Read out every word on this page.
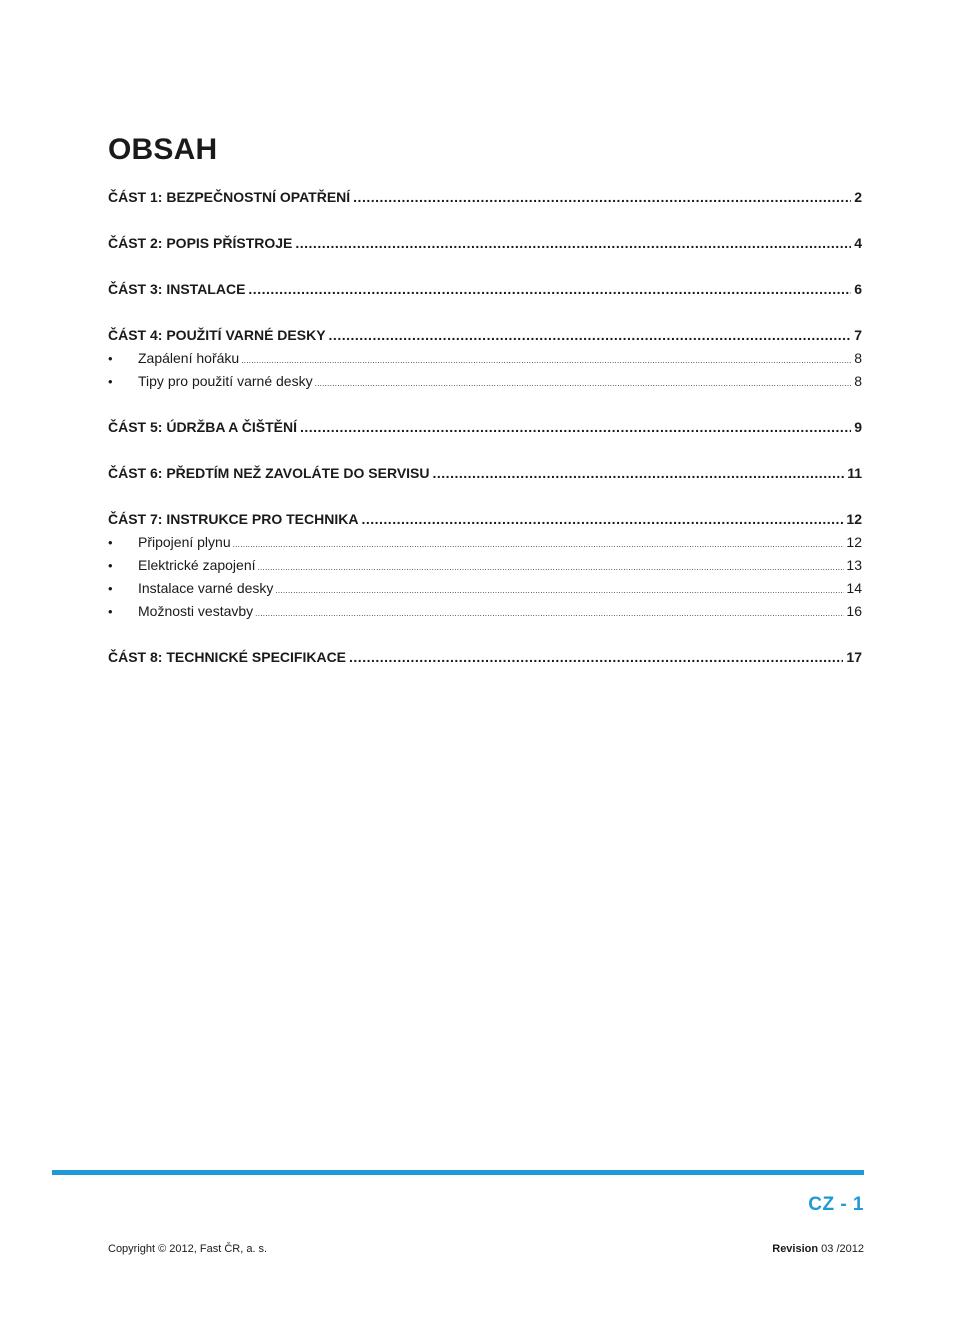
OBSAH
ČÁST 1: BEZPEČNOSTNÍ OPATŘENÍ .....	2
ČÁST 2: POPIS PŘÍSTROJE .....	4
ČÁST 3: INSTALACE .....	6
ČÁST 4: POUŽITÍ VARNÉ DESKY .....	7
•	Zapálení hořáku .....	8
•	Tipy pro použití varné desky .....	8
ČÁST 5: ÚDRŽBA A ČIŠTĚNÍ .....	9
ČÁST 6: PŘEDTÍM NEŽ ZAVOLÁTE DO SERVISU .....	11
ČÁST 7: INSTRUKCE PRO TECHNIKA .....	12
•	Připojení plynu .....	12
•	Elektrické zapojení .....	13
•	Instalace varné desky .....	14
•	Možnosti vestavby .....	16
ČÁST 8: TECHNICKÉ SPECIFIKACE .....	17
CZ - 1
Copyright © 2012, Fast ČR, a. s.	Revision 03 /2012
